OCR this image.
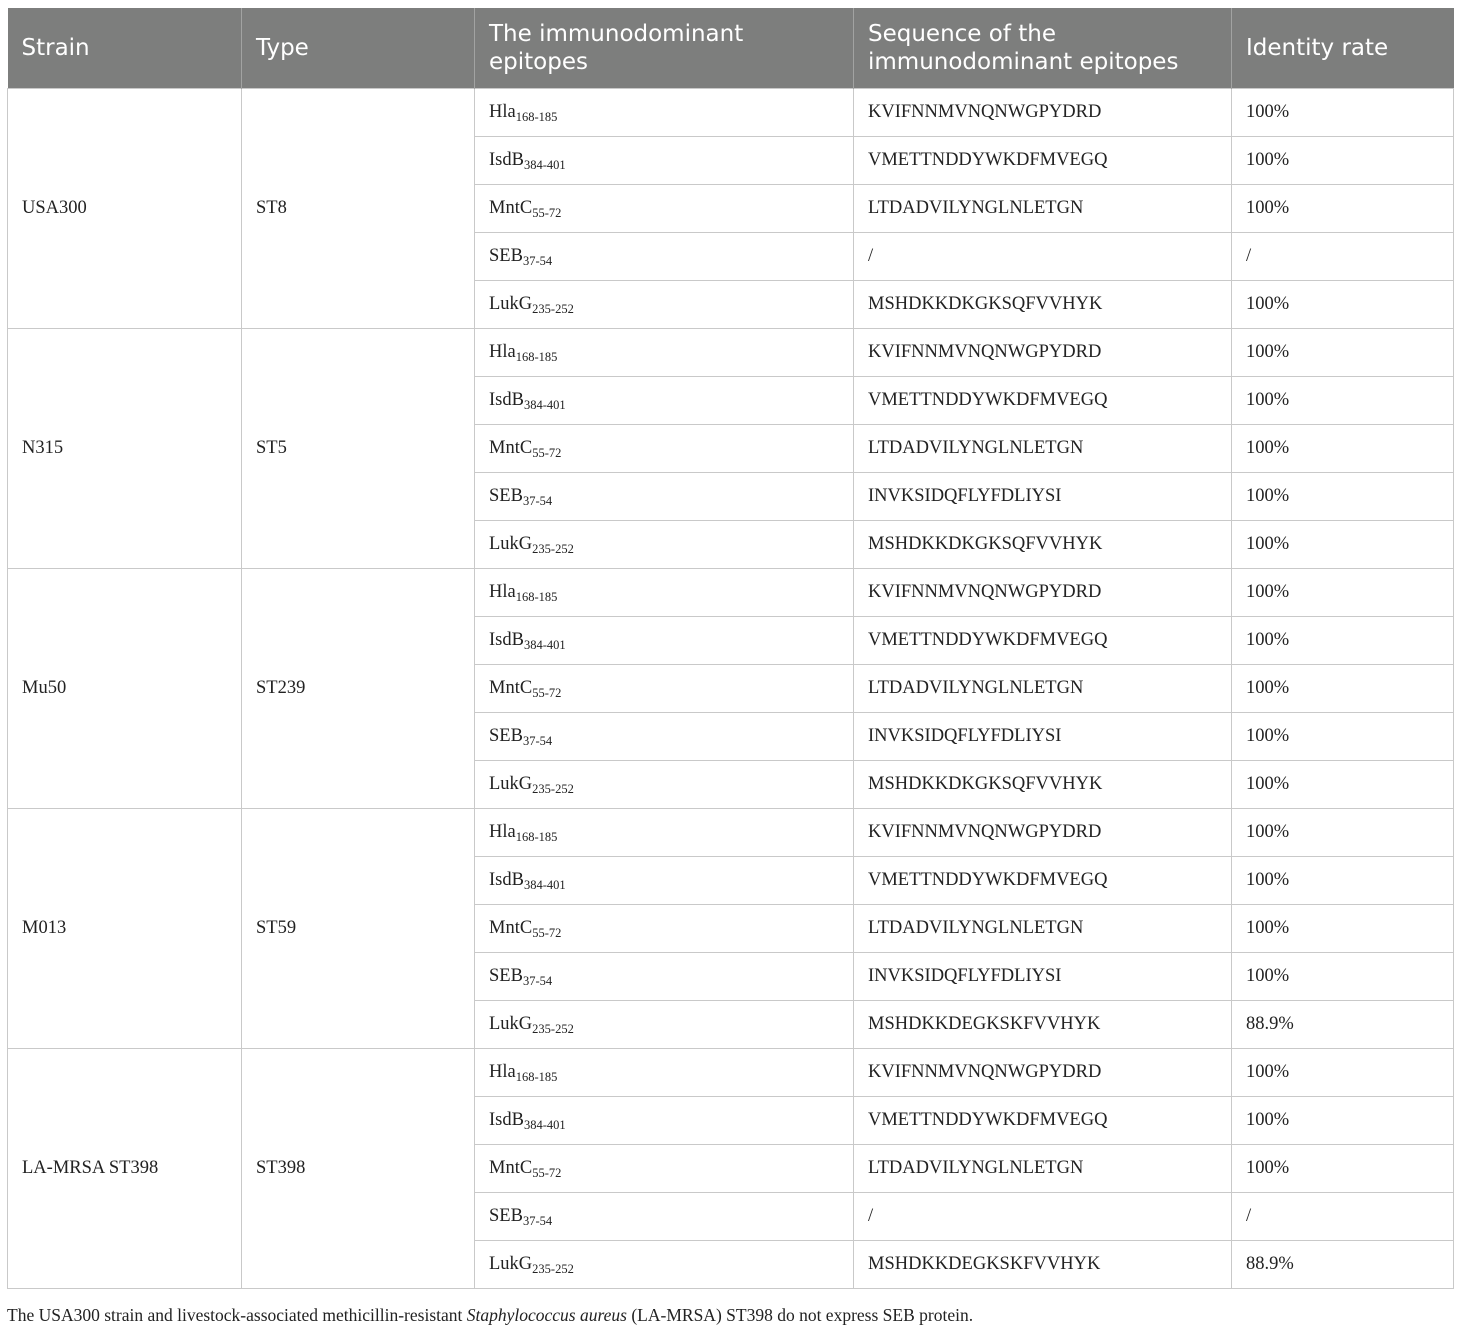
Strain	Type	The immunodominant epitopes	Sequence of the immunodominant epitopes	Identity rate
USA300	ST8	Hla$_{168-185}$	KVIFNNMVNQNWGPYDRD	100%
		IsdB$_{384-401}$	VMETTNDDYWKDFMVEGQ	100%
		MntC$_{55-72}$	LTDADVILYNGLNLETGN	100%
		$SEB_{37-54}$	/	/
		LukG$_{235-252}$	MSHDKKDKGKSQFVVHYK	100%
N315	ST5	Hla$_{168-185}$	KVIFNNMVNQNWGPYDRD	100%
		IsdB$_{384-401}$	VMETTNDDYWKDFMVEGQ	100%
		MntC$_{55-72}$	LTDADVILYNGLNLETGN	100%
		$SEB_{37-54}$	INVKSIDQFLYFDLIYSI	100%
		LukG$_{235-252}$	MSHDKKDKGKSQFVVHYK	100%
Mu50	ST239	Hla$_{168-185}$	KVIFNNMVNQNWGPYDRD	100%
		IsdB$_{384-401}$	VMETTNDDYWKDFMVEGQ	100%
		MntC$_{55-72}$	LTDADVILYNGLNLETGN	100%
		$SEB_{37-54}$	INVKSIDQFLYFDLIYSI	100%
		LukG$_{235-252}$	MSHDKKDKGKSQFVVHYK	100%
M013	ST59	Hla$_{168-185}$	KVIFNNMVNQNWGPYDRD	100%
		IsdB$_{384-401}$	VMETTNDDYWKDFMVEGQ	100%
		MntC$_{55-72}$	LTDADVILYNGLNLETGN	100%
		$SEB_{37-54}$	INVKSIDQFLYFDLIYSI	100%
		LukG$_{235-252}$	MSHDKKDEGKSKFVVHYK	88.9%
LA-MRSA ST398	ST398	Hla$_{168-185}$	KVIFNNMVNQNWGPYDRD	100%
		IsdB$_{384-401}$	VMETTNDDYWKDFMVEGQ	100%
		MntC$_{55-72}$	LTDADVILYNGLNLETGN	100%
		$SEB_{37-54}$	/	/
		LukG$_{235-252}$	MSHDKKDEGKSKFVVHYK	88.9%
The USA300 strain and livestock-associated methicillin-resistant Staphylococcus aureus (LA-MRSA) ST398 do not express SEB protein.
